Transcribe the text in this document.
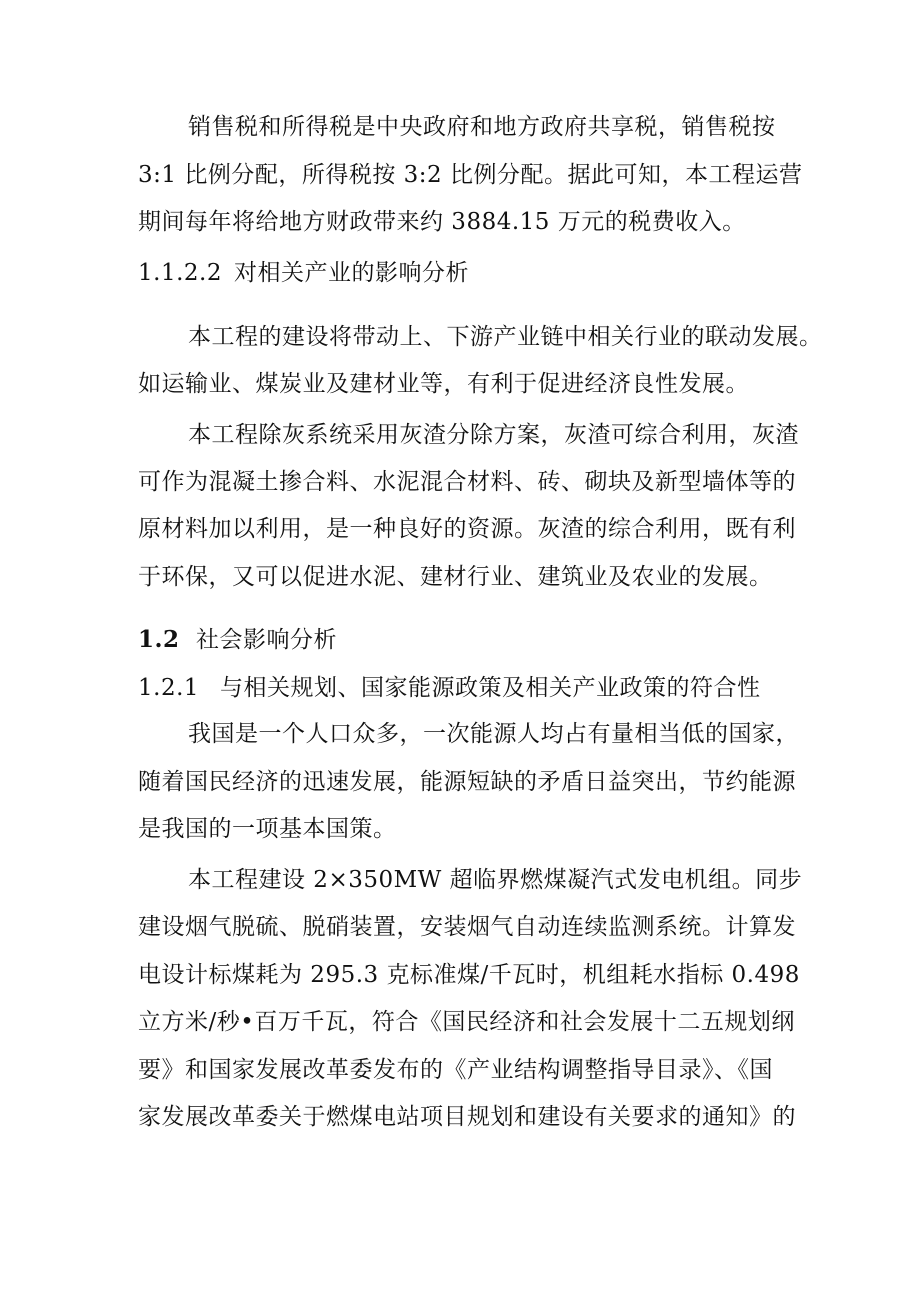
销售税和所得税是中央政府和地方政府共享税，销售税按
3:1 比例分配，所得税按 3:2 比例分配。据此可知，本工程运营
期间每年将给地方财政带来约 3884.15 万元的税费收入。
1.1.2.2 对相关产业的影响分析
本工程的建设将带动上、下游产业链中相关行业的联动发展。
如运输业、煤炭业及建材业等，有利于促进经济良性发展。
本工程除灰系统采用灰渣分除方案，灰渣可综合利用，灰渣
可作为混凝土掺合料、水泥混合材料、砖、砌块及新型墙体等的
原材料加以利用，是一种良好的资源。灰渣的综合利用，既有利
于环保，又可以促进水泥、建材行业、建筑业及农业的发展。
1.2 社会影响分析
1.2.1 与相关规划、国家能源政策及相关产业政策的符合性
我国是一个人口众多，一次能源人均占有量相当低的国家，
随着国民经济的迅速发展，能源短缺的矛盾日益突出，节约能源
是我国的一项基本国策。
本工程建设 2×350MW 超临界燃煤凝汽式发电机组。同步
建设烟气脱硫、脱硝装置，安装烟气自动连续监测系统。计算发
电设计标煤耗为 295.3 克标准煤/千瓦时，机组耗水指标 0.498
立方米/秒•百万千瓦，符合《国民经济和社会发展十二五规划纲
要》和国家发展改革委发布的《产业结构调整指导目录》、《国
家发展改革委关于燃煤电站项目规划和建设有关要求的通知》的
